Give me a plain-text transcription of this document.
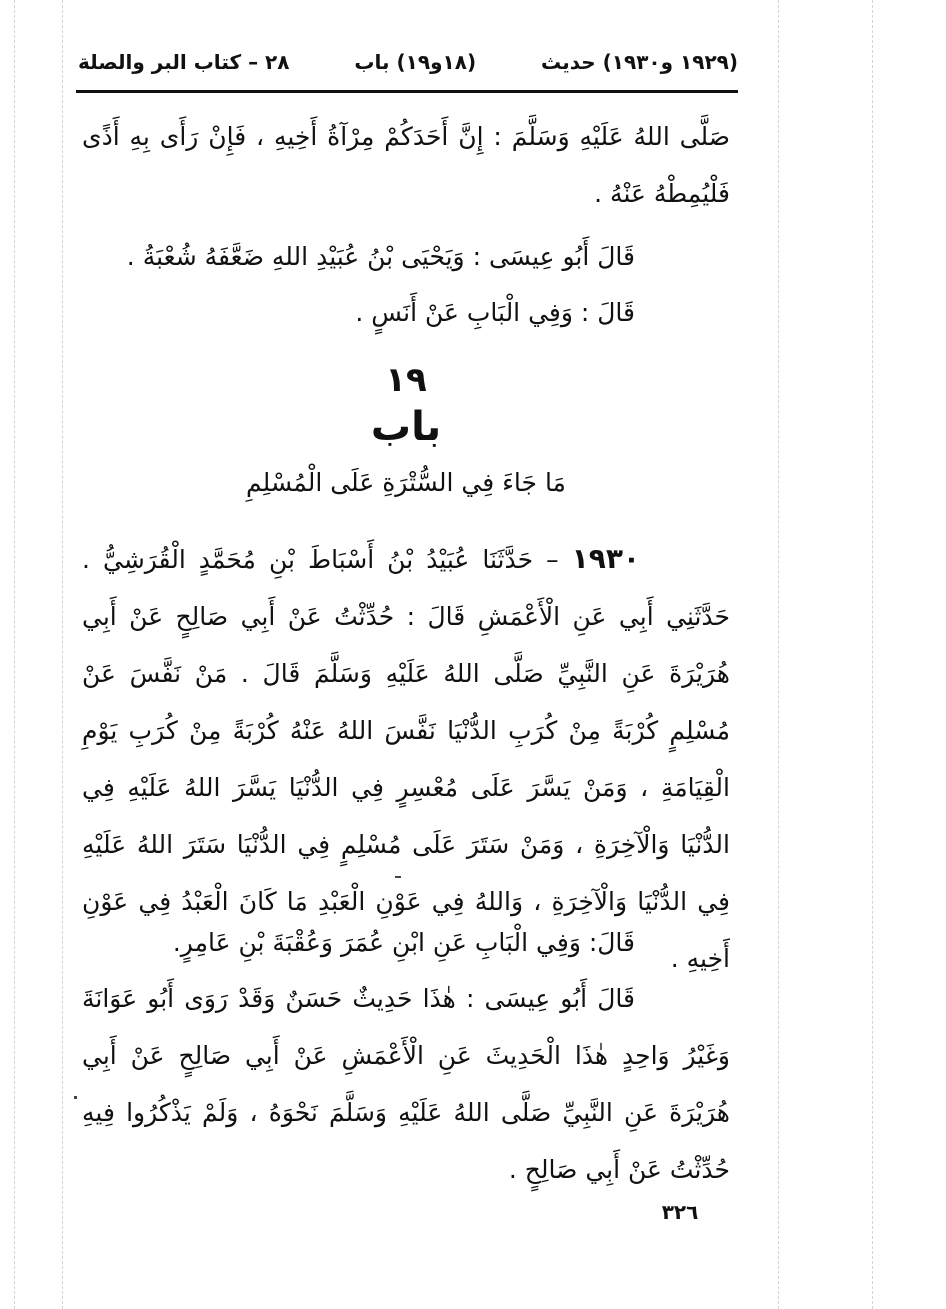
٢٨ – كتاب البر والصلة	(١٨و١٩) باب	(١٩٢٩ و١٩٣٠) حديث

صَلَّى اللهُ عَلَيْهِ وَسَلَّمَ : إِنَّ أَحَدَكُمْ مِرْآةُ أَخِيهِ ، فَإِنْ رَأَى بِهِ أَذًى فَلْيُمِطْهُ عَنْهُ .

قَالَ أَبُو عِيسَى : وَيَحْيَى بْنُ عُبَيْدِ اللهِ ضَعَّفَهُ شُعْبَةُ .

قَالَ : وَفِي الْبَابِ عَنْ أَنَسٍ .

١٩
باب
مَا جَاءَ فِي السُّتْرَةِ عَلَى الْمُسْلِمِ

١٩٣٠ – حَدَّثَنَا عُبَيْدُ بْنُ أَسْبَاطَ بْنِ مُحَمَّدٍ الْقُرَشِيُّ . حَدَّثَنِي أَبِي عَنِ الْأَعْمَشِ قَالَ : حُدِّثْتُ عَنْ أَبِي صَالِحٍ عَنْ أَبِي هُرَيْرَةَ عَنِ النَّبِيِّ صَلَّى اللهُ عَلَيْهِ وَسَلَّمَ قَالَ . مَنْ نَفَّسَ عَنْ مُسْلِمٍ كُرْبَةً مِنْ كُرَبِ الدُّنْيَا نَفَّسَ اللهُ عَنْهُ كُرْبَةً مِنْ كُرَبِ يَوْمِ الْقِيَامَةِ ، وَمَنْ يَسَّرَ عَلَى مُعْسِرٍ فِي الدُّنْيَا يَسَّرَ اللهُ عَلَيْهِ فِي الدُّنْيَا وَالْآخِرَةِ ، وَمَنْ سَتَرَ عَلَى مُسْلِمٍ فِي الدُّنْيَا سَتَرَ اللهُ عَلَيْهِ فِي الدُّنْيَا وَالْآخِرَةِ ، وَاللهُ فِي عَوْنِ الْعَبْدِ مَا كَانَ الْعَبْدُ فِي عَوْنِ أَخِيهِ .

قَالَ: وَفِي الْبَابِ عَنِ ابْنِ عُمَرَ وَعُقْبَةَ بْنِ عَامِرٍ.

قَالَ أَبُو عِيسَى : هٰذَا حَدِيثٌ حَسَنٌ وَقَدْ رَوَى أَبُو عَوَانَةَ وَغَيْرُ وَاحِدٍ هٰذَا الْحَدِيثَ عَنِ الْأَعْمَشِ عَنْ أَبِي صَالِحٍ عَنْ أَبِي هُرَيْرَةَ عَنِ النَّبِيِّ صَلَّى اللهُ عَلَيْهِ وَسَلَّمَ نَحْوَهُ ، وَلَمْ يَذْكُرُوا فِيهِ حُدِّثْتُ عَنْ أَبِي صَالِحٍ .

٣٢٦
